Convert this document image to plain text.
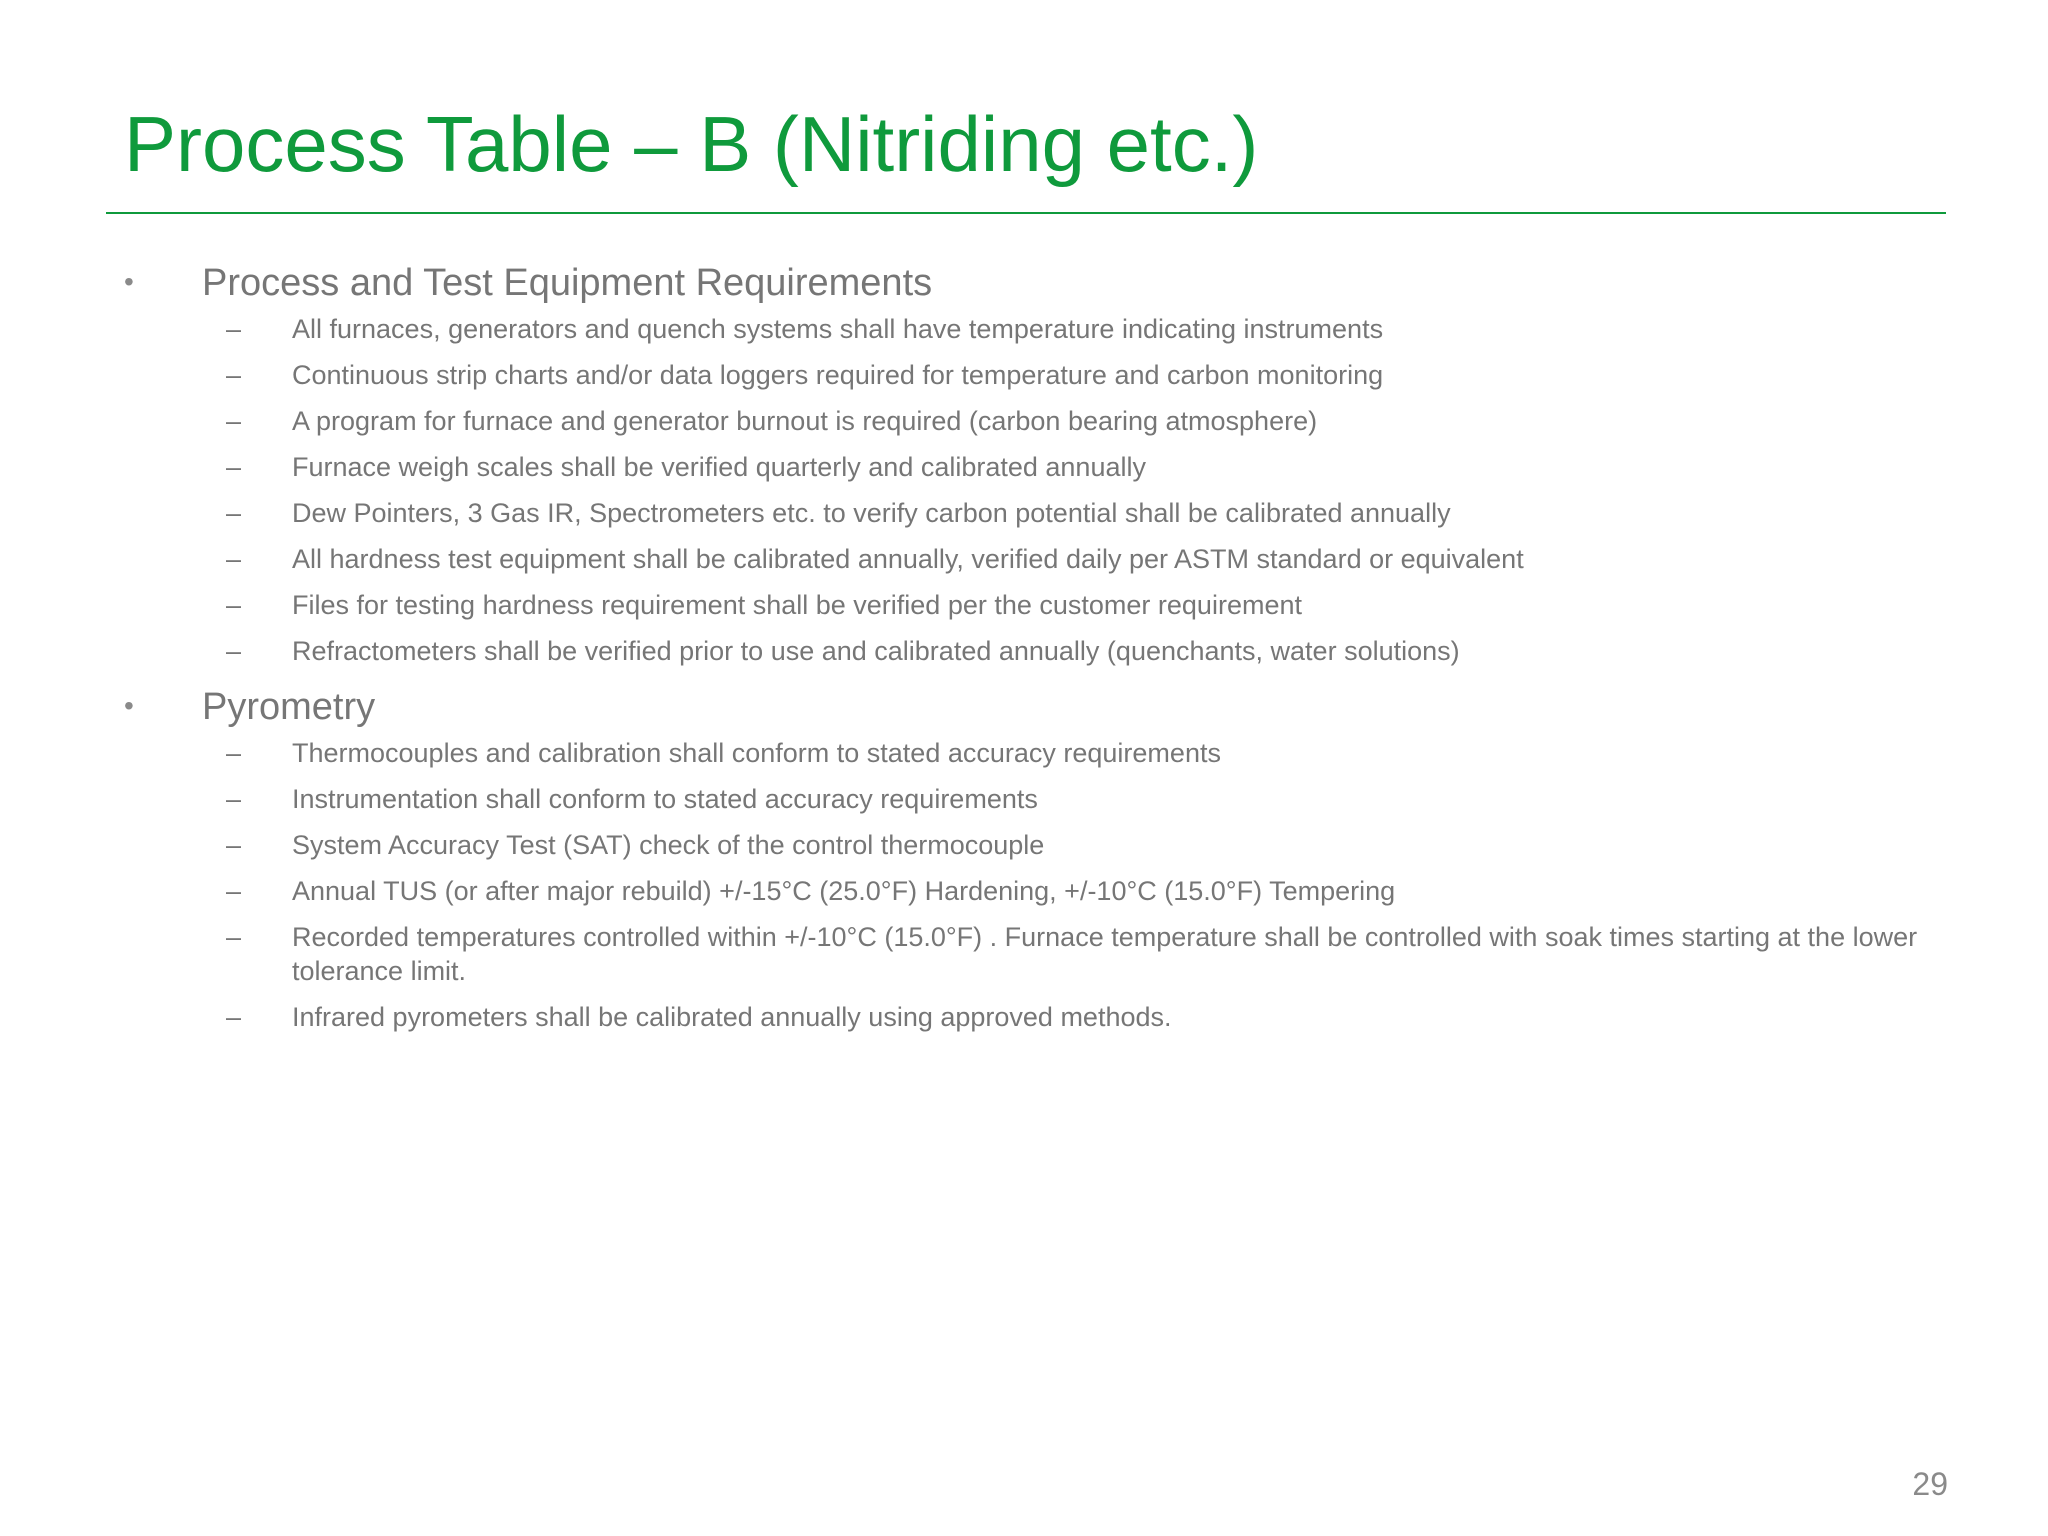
Process Table – B (Nitriding etc.)
• Process and Test Equipment Requirements
– All furnaces, generators and quench systems shall have temperature indicating instruments
– Continuous strip charts and/or data loggers required for temperature and carbon monitoring
– A program for furnace and generator burnout is required (carbon bearing atmosphere)
– Furnace weigh scales shall be verified quarterly and calibrated annually
– Dew Pointers, 3 Gas IR, Spectrometers etc. to verify carbon potential shall be calibrated annually
– All hardness test equipment shall be calibrated annually, verified daily per ASTM standard or equivalent
– Files for testing hardness requirement shall be verified per the customer requirement
– Refractometers shall be verified prior to use and calibrated annually (quenchants, water solutions)
• Pyrometry
– Thermocouples and calibration shall conform to stated accuracy requirements
– Instrumentation shall conform to stated accuracy requirements
– System Accuracy Test (SAT) check of the control thermocouple
– Annual TUS (or after major rebuild) +/-15°C (25.0°F) Hardening, +/-10°C (15.0°F) Tempering
– Recorded temperatures controlled within +/-10°C (15.0°F) . Furnace temperature shall be controlled with soak times starting at the lower tolerance limit.
– Infrared pyrometers shall be calibrated annually using approved methods.
29
